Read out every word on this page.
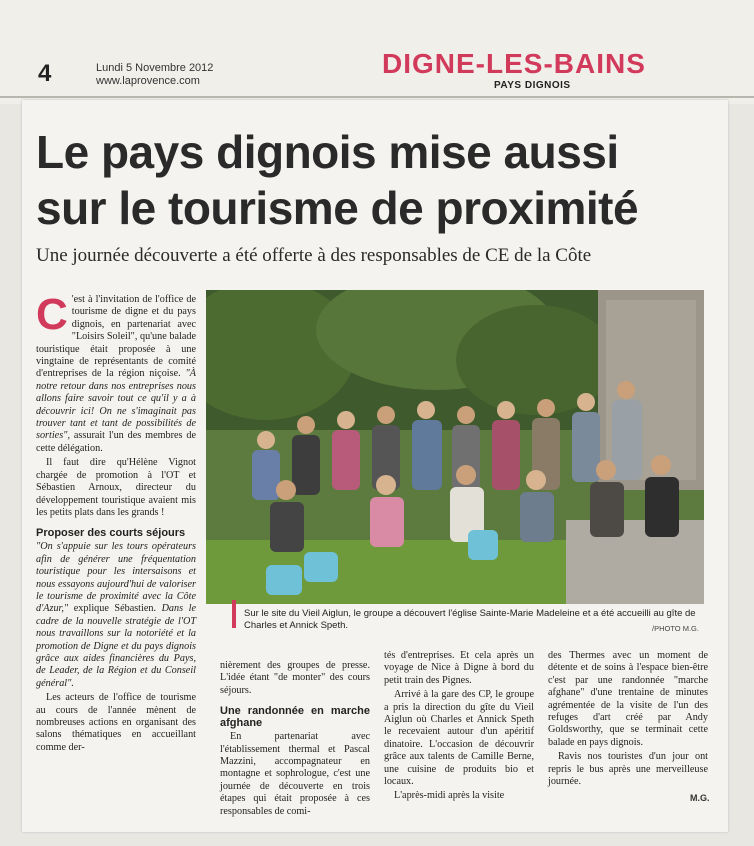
4	Lundi 5 Novembre 2012
www.laprovence.com
DIGNE-LES-BAINS
PAYS DIGNOIS
Le pays dignois mise aussi
sur le tourisme de proximité
Une journée découverte a été offerte à des responsables de CE de la Côte

C 'est à l'invitation de l'office de tourisme de digne et du pays dignois, en partenariat avec "Loisirs Soleil", qu'une balade touristique était proposée à une vingtaine de représentants de comité d'entreprises de la région niçoise. "À notre retour dans nos entreprises nous allons faire savoir tout ce qu'il y a à découvrir ici! On ne s'imaginait pas trouver tant et tant de possibilités de sorties", assurait l'un des membres de cette délégation.

Il faut dire qu'Hélène Vignot chargée de promotion à l'OT et Sébastien Arnoux, directeur du développement touristique avaient mis les petits plats dans les grands !

Proposer des courts séjours

"On s'appuie sur les tours opérateurs afin de générer une fréquentation touristique pour les intersaisons et nous essayons aujourd'hui de valoriser le tourisme de proximité avec la Côte d'Azur," explique Sébastien. Dans le cadre de la nouvelle stratégie de l'OT nous travaillons sur la notoriété et la promotion de Digne et du pays dignois grâce aux aides financières du Pays, de Leader, de la Région et du Conseil général".

Les acteurs de l'office de tourisme au cours de l'année mènent de nombreuses actions en organisant des salons thématiques en accueillant comme der-

Sur le site du Vieil Aiglun, le groupe a découvert l'église Sainte-Marie Madeleine et a été accueilli au gîte de Charles et Annick Speth.	/PHOTO M.G.

nièrement des groupes de presse. L'idée étant "de monter" des cours séjours.

Une randonnée en marche afghane

En partenariat avec l'établissement thermal et Pascal Mazzini, accompagnateur en montagne et sophrologue, c'est une journée de découverte en trois étapes qui était proposée à ces responsables de comi-

tés d'entreprises. Et cela après un voyage de Nice à Digne à bord du petit train des Pignes.

Arrivé à la gare des CP, le groupe a pris la direction du gîte du Vieil Aiglun où Charles et Annick Speth le recevaient autour d'un apéritif dinatoire. L'occasion de découvrir grâce aux talents de Camille Berne, une cuisine de produits bio et locaux.

L'après-midi après la visite

des Thermes avec un moment de détente et de soins à l'espace bien-être c'est par une randonnée "marche afghane" d'une trentaine de minutes agrémentée de la visite de l'un des refuges d'art créé par Andy Goldsworthy, que se terminait cette balade en pays dignois.

Ravis nos touristes d'un jour ont repris le bus après une merveilleuse journée.

M.G.
